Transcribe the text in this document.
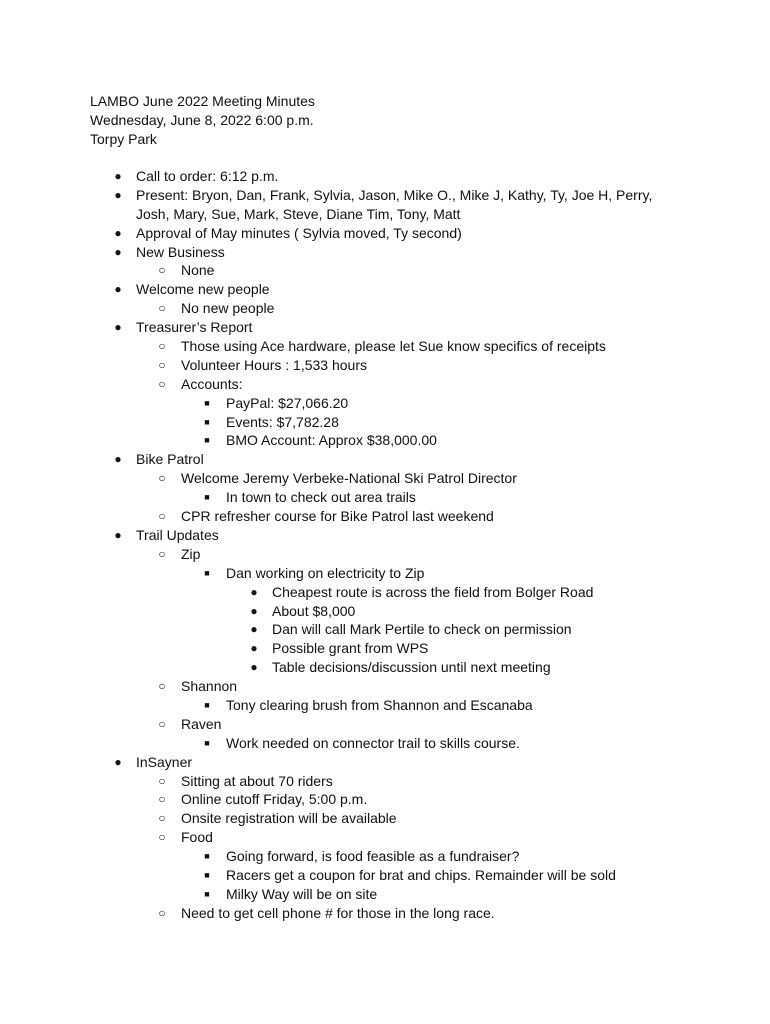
LAMBO June 2022 Meeting Minutes
Wednesday, June 8, 2022 6:00 p.m.
Torpy Park
● Call to order: 6:12 p.m.
● Present: Bryon, Dan, Frank, Sylvia, Jason, Mike O., Mike J, Kathy, Ty, Joe H, Perry,
Josh, Mary, Sue, Mark, Steve, Diane Tim, Tony, Matt
● Approval of May minutes ( Sylvia moved, Ty second)
● New Business
○ None
● Welcome new people
○ No new people
● Treasurer’s Report
○ Those using Ace hardware, please let Sue know specifics of receipts
○ Volunteer Hours : 1,533 hours
○ Accounts:
■	PayPal: $27,066.20
■	Events: $7,782.28
■	BMO Account: Approx $38,000.00
● Bike Patrol
○ Welcome Jeremy Verbeke-National Ski Patrol Director
■	In town to check out area trails
○ CPR refresher course for Bike Patrol last weekend
● Trail Updates
○ Zip
■	Dan working on electricity to Zip
● Cheapest route is across the field from Bolger Road
● About $8,000
● Dan will call Mark Pertile to check on permission
● Possible grant from WPS
● Table decisions/discussion until next meeting
○ Shannon
■	Tony clearing brush from Shannon and Escanaba
○ Raven
■	Work needed on connector trail to skills course.
● InSayner
○ Sitting at about 70 riders
○ Online cutoff Friday, 5:00 p.m.
○ Onsite registration will be available
○ Food
■	Going forward, is food feasible as a fundraiser?
■	Racers get a coupon for brat and chips. Remainder will be sold
■	Milky Way will be on site
○ Need to get cell phone # for those in the long race.
